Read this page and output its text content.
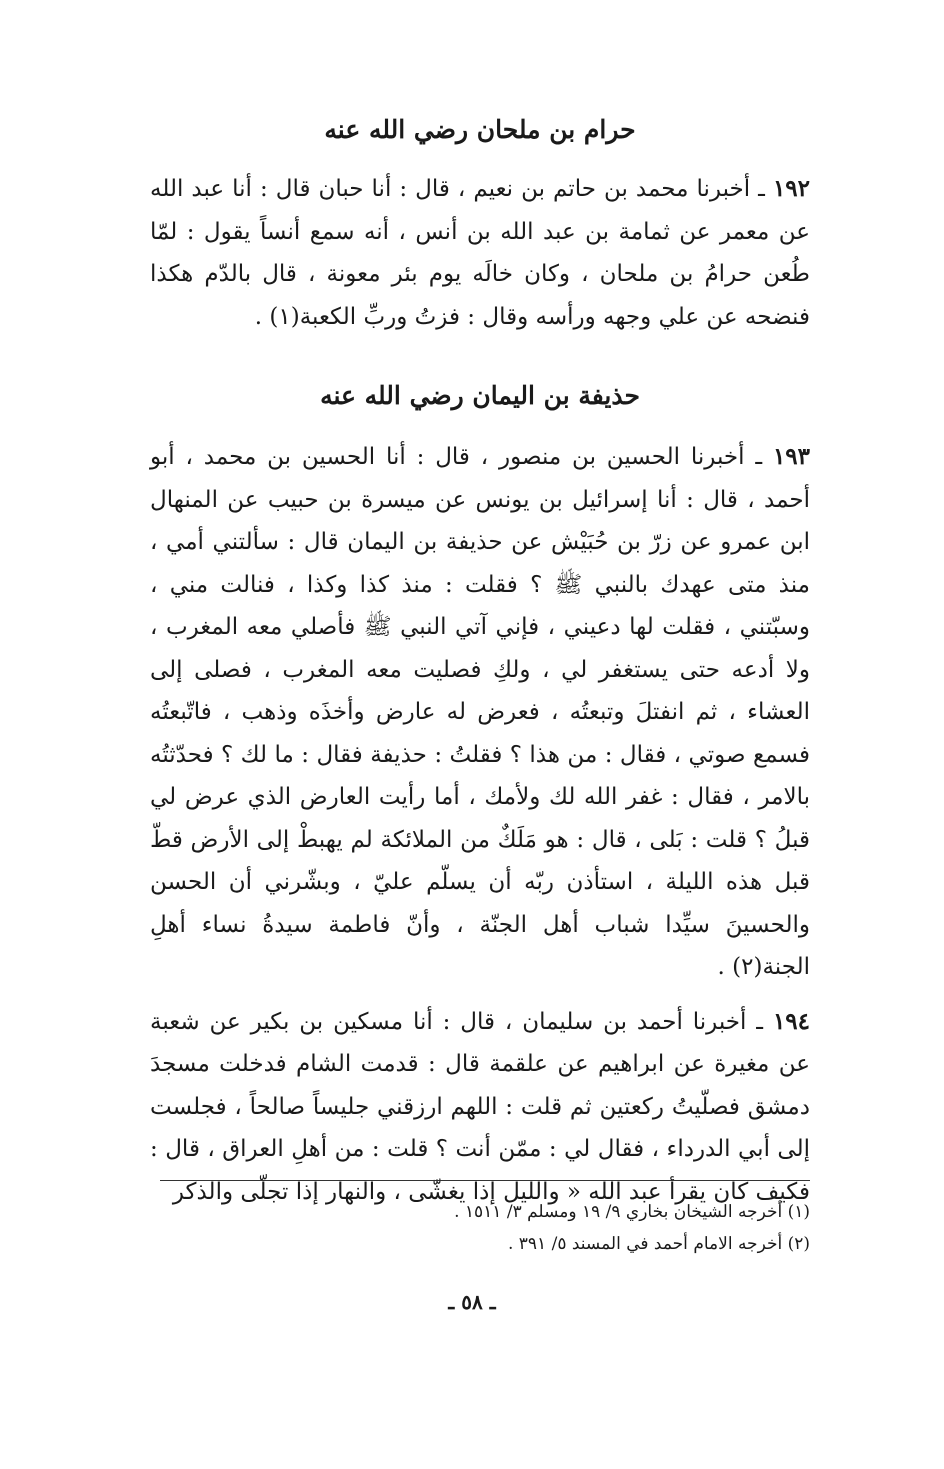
حرام بن ملحان رضي الله عنه

١٩٢ ـ أخبرنا محمد بن حاتم بن نعيم ، قال : أنا حبان قال : أنا عبد الله عن معمر عن ثمامة بن عبد الله بن أنس ، أنه سمع أنساً يقول : لمّا طُعن حرامُ بن ملحان ، وكان خالَه يوم بئر معونة ، قال بالدّم هكذا فنضحه عن علي وجهه ورأسه وقال : فزتُ وربِّ الكعبة(١) .

حذيفة بن اليمان رضي الله عنه

١٩٣ ـ أخبرنا الحسين بن منصور ، قال : أنا الحسين بن محمد ، أبو أحمد ، قال : أنا إسرائيل بن يونس عن ميسرة بن حبيب عن المنهال ابن عمرو عن زرّ بن حُبَيْش عن حذيفة بن اليمان قال : سألتني أمي ، منذ متى عهدك بالنبي ﷺ ؟ فقلت : منذ كذا وكذا ، فنالت مني ، وسبّتني ، فقلت لها دعيني ، فإني آتي النبي ﷺ فأصلي معه المغرب ، ولا أدعه حتى يستغفر لي ، ولكِ فصليت معه المغرب ، فصلى إلى العشاء ، ثم انفتلَ وتبعتُه ، فعرض له عارض وأخذَه وذهب ، فاتّبعتُه فسمع صوتي ، فقال : من هذا ؟ فقلتُ : حذيفة فقال : ما لك ؟ فحدّثتُه بالامر ، فقال : غفر الله لك ولأمك ، أما رأيت العارض الذي عرض لي قبلُ ؟ قلت : بَلى ، قال : هو مَلَكٌ من الملائكة لم يهبطْ إلى الأرض قطّ قبل هذه الليلة ، استأذن ربّه أن يسلّم عليّ ، وبشّرني أن الحسن والحسينَ سيِّدا شباب أهل الجنّة ، وأنّ فاطمة سيدةُ نساء أهلِ الجنة(٢) .

١٩٤ ـ أخبرنا أحمد بن سليمان ، قال : أنا مسكين بن بكير عن شعبة عن مغيرة عن ابراهيم عن علقمة قال : قدمت الشام فدخلت مسجدَ دمشق فصلّيتُ ركعتين ثم قلت : اللهم ارزقني جليساً صالحاً ، فجلست إلى أبي الدرداء ، فقال لي : ممّن أنت ؟ قلت : من أهلِ العراق ، قال : فكيف كان يقرأ عبد الله « والليل إذا يغشّى ، والنهار إذا تجلّى والذكر

(١) أخرجه الشيخان بخاري ٩/ ١٩ ومسلم ٣/ ١٥١١ .

(٢) أخرجه الامام أحمد في المسند ٥/ ٣٩١ .

ـ ٥٨ ـ
